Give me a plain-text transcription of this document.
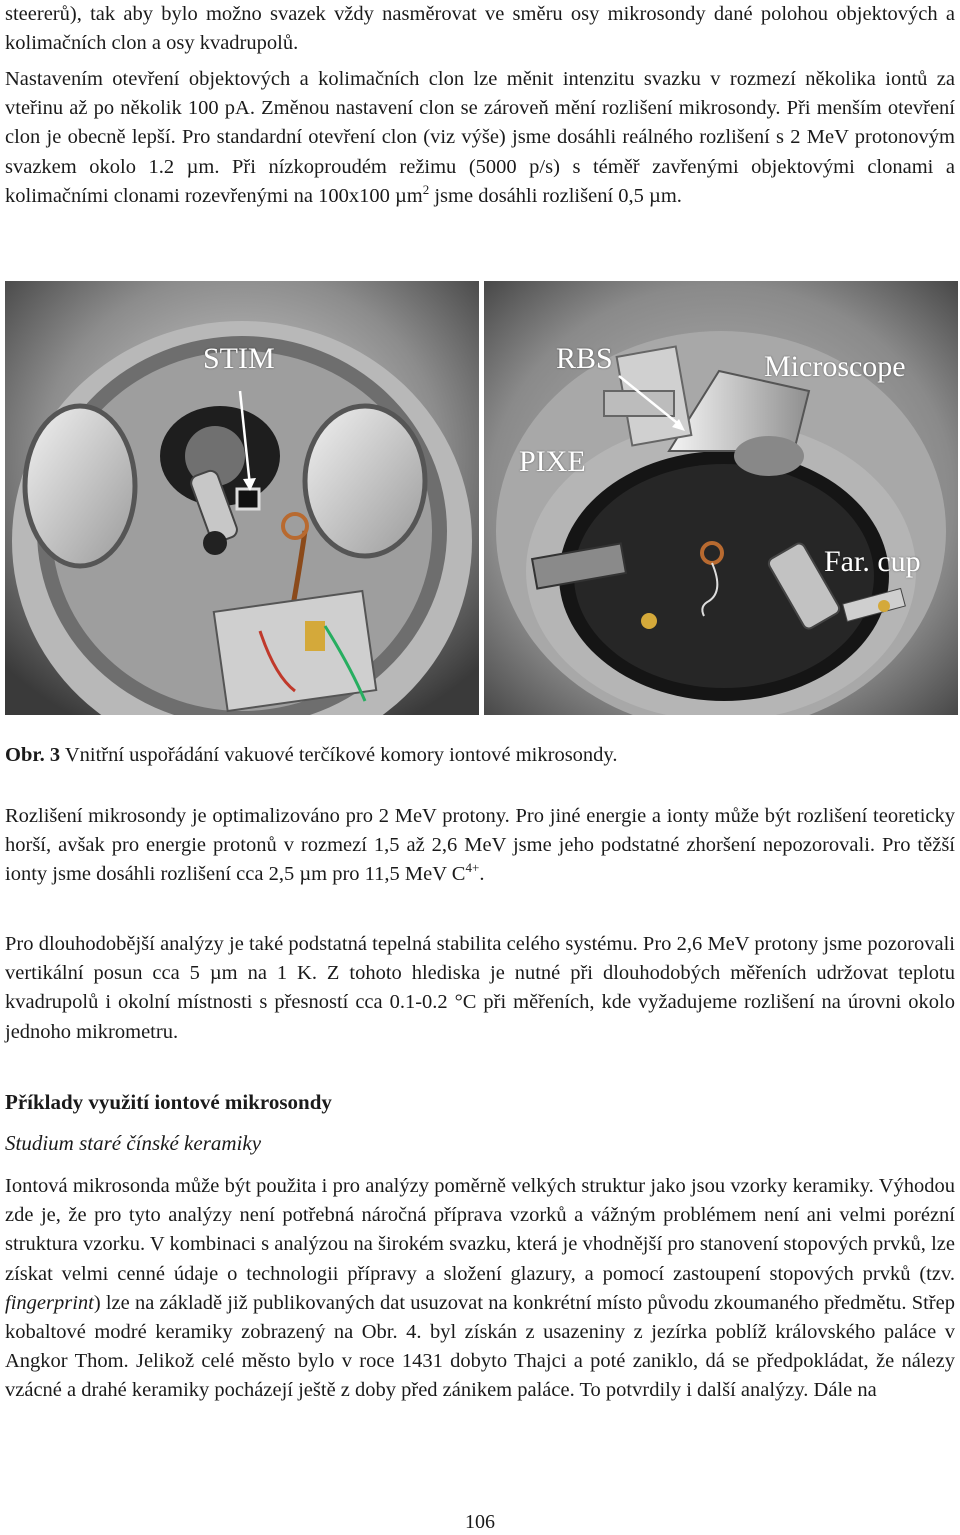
steererů), tak aby bylo možno svazek vždy nasměrovat ve směru osy mikrosondy dané polohou objektových a kolimačních clon a osy kvadrupolů.

Nastavením otevření objektových a kolimačních clon lze měnit intenzitu svazku v rozmezí několika iontů za vteřinu až po několik 100 pA. Změnou nastavení clon se zároveň mění rozlišení mikrosondy. Při menším otevření clon je obecně lepší. Pro standardní otevření clon (viz výše) jsme dosáhli reálného rozlišení s 2 MeV protonovým svazkem okolo 1.2 µm. Při nízkoproudém režimu (5000 p/s) s téměř zavřenými objektovými clonami a kolimačními clonami rozevřenými na 100x100 µm$^2$ jsme dosáhli rozlišení 0,5 µm.

STIM	RBS	Microscope
PIXE
Far. cup

Obr. 3 Vnitřní uspořádání vakuové terčíkové komory iontové mikrosondy.

Rozlišení mikrosondy je optimalizováno pro 2 MeV protony. Pro jiné energie a ionty může být rozlišení teoreticky horší, avšak pro energie protonů v rozmezí 1,5 až 2,6 MeV jsme jeho podstatné zhoršení nepozorovali. Pro těžší ionty jsme dosáhli rozlišení cca 2,5 µm pro 11,5 MeV $C^{4+}$.

Pro dlouhodobější analýzy je také podstatná tepelná stabilita celého systému. Pro 2,6 MeV protony jsme pozorovali vertikální posun cca 5 µm na 1 K. Z tohoto hlediska je nutné při dlouhodobých měřeních udržovat teplotu kvadrupolů i okolní místnosti s přesností cca 0.1-0.2 °C při měřeních, kde vyžadujeme rozlišení na úrovni okolo jednoho mikrometru.

Příklady využití iontové mikrosondy

Studium staré čínské keramiky

Iontová mikrosonda může být použita i pro analýzy poměrně velkých struktur jako jsou vzorky keramiky. Výhodou zde je, že pro tyto analýzy není potřebná náročná příprava vzorků a vážným problémem není ani velmi porézní struktura vzorku. V kombinaci s analýzou na širokém svazku, která je vhodnější pro stanovení stopových prvků, lze získat velmi cenné údaje o technologii přípravy a složení glazury, a pomocí zastoupení stopových prvků (tzv. fingerprint) lze na základě již publikovaných dat usuzovat na konkrétní místo původu zkoumaného předmětu. Střep kobaltové modré keramiky zobrazený na Obr. 4. byl získán z usazeniny z jezírka poblíž královského paláce v Angkor Thom. Jelikož celé město bylo v roce 1431 dobyto Thajci a poté zaniklo, dá se předpokládat, že nálezy vzácné a drahé keramiky pocházejí ještě z doby před zánikem paláce. To potvrdily i další analýzy. Dále na

106
